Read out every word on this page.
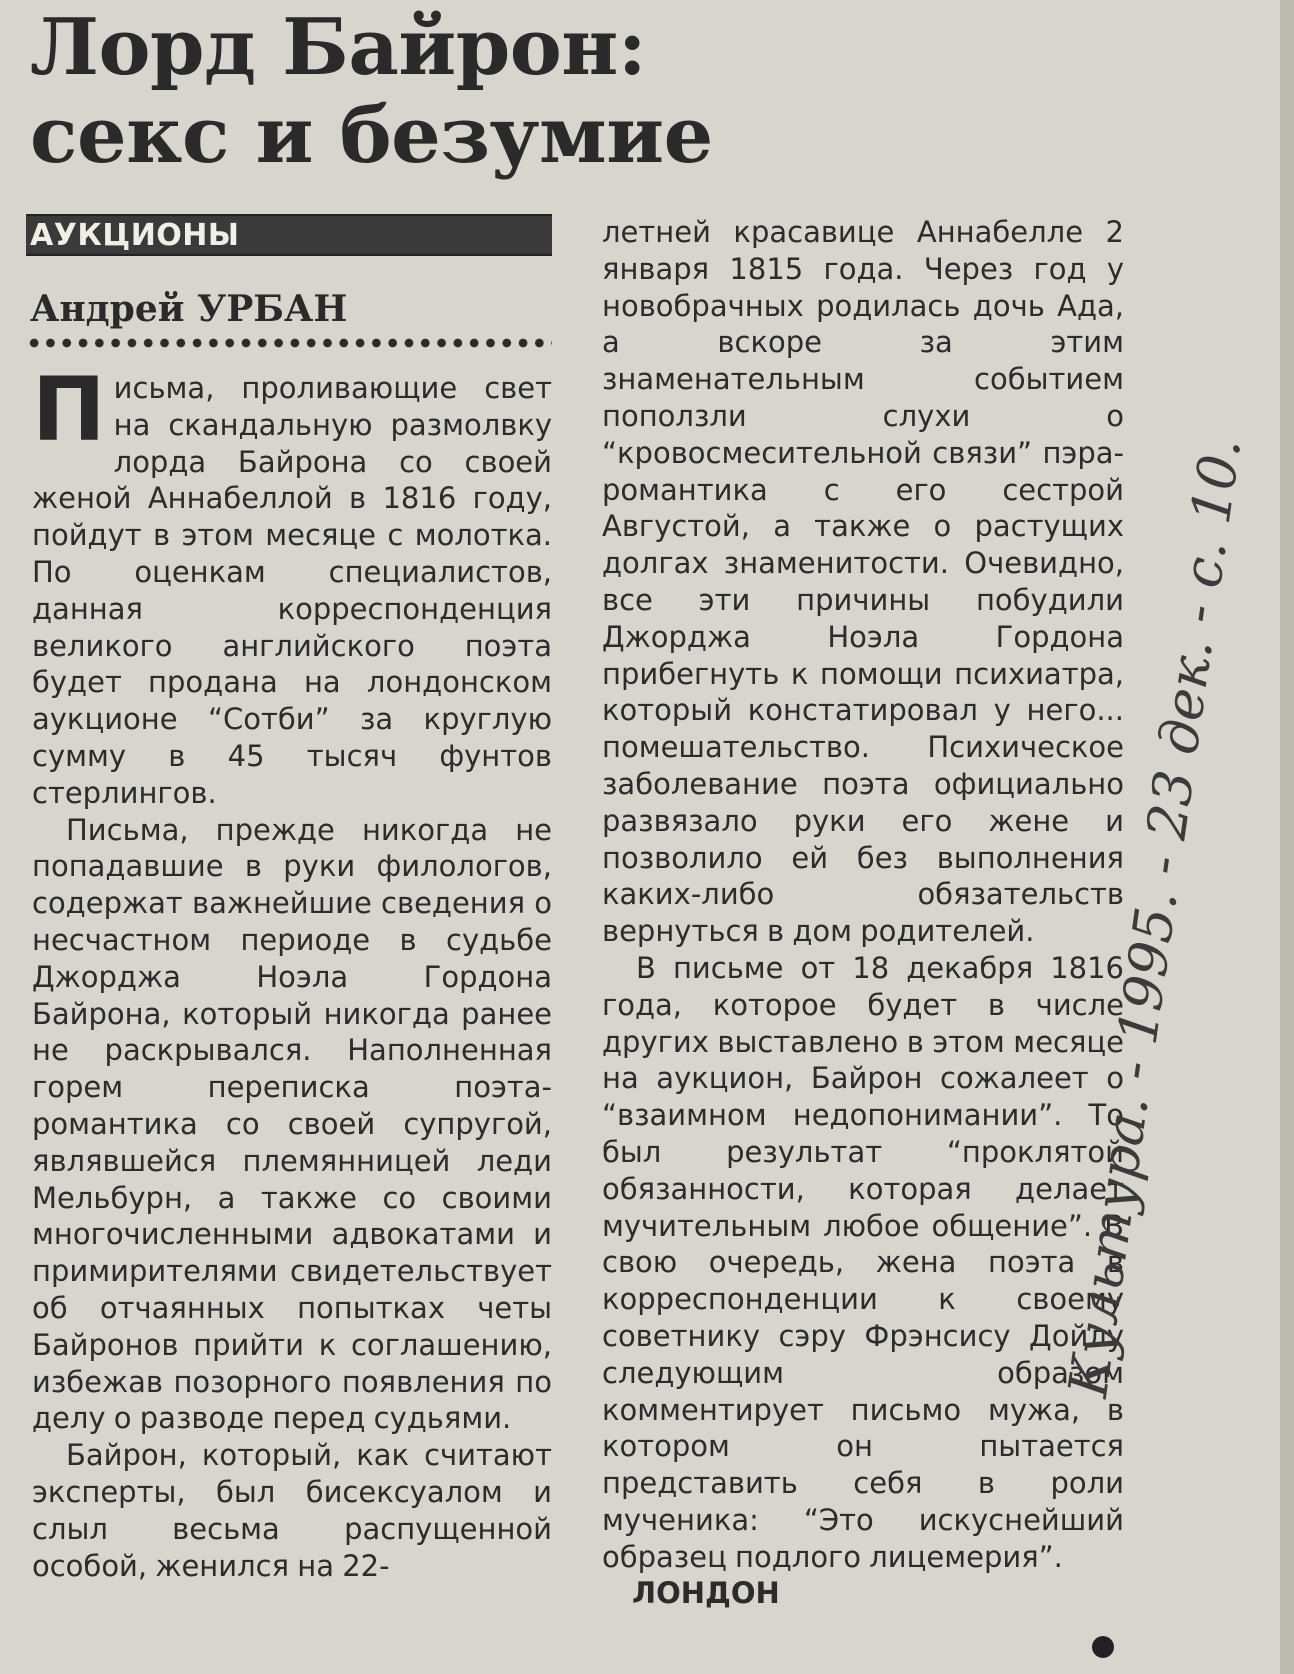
Лорд Байрон:
секс и безумие
АУКЦИОНЫ
Андрей УРБАН

Письма, проливающие свет на скандальную размолвку лорда Байрона со своей женой Аннабеллой в 1816 году, пойдут в этом месяце с молотка. По оценкам специалистов, данная корреспонденция великого английского поэта будет продана на лондонском аукционе “Сотби” за круглую сумму в 45 тысяч фунтов стерлингов.

Письма, прежде никогда не попадавшие в руки филологов, содержат важнейшие сведения о несчастном периоде в судьбе Джорджа Ноэла Гордона Байрона, который никогда ранее не раскрывался. Наполненная горем переписка поэта-романтика со своей супругой, являвшейся племянницей леди Мельбурн, а также со своими многочисленными адвокатами и примирителями свидетельствует об отчаянных попытках четы Байронов прийти к соглашению, избежав позорного появления по делу о разводе перед судьями.

Байрон, который, как считают эксперты, был бисексуалом и слыл весьма распущенной особой, женился на 22-

летней красавице Аннабелле 2 января 1815 года. Через год у новобрачных родилась дочь Ада, а вскоре за этим знаменательным событием поползли слухи о “кровосмесительной связи” пэра-романтика с его сестрой Августой, а также о растущих долгах знаменитости. Очевидно, все эти причины побудили Джорджа Ноэла Гордона прибегнуть к помощи психиатра, который констатировал у него... помешательство. Психическое заболевание поэта официально развязало руки его жене и позволило ей без выполнения каких-либо обязательств вернуться в дом родителей.

В письме от 18 декабря 1816 года, которое будет в числе других выставлено в этом месяце на аукцион, Байрон сожалеет о “взаимном недопонимании”. То был результат “проклятой обязанности, которая делает мучительным любое общение”. В свою очередь, жена поэта в корреспонденции к своему советнику сэру Фрэнсису Дойлу следующим образом комментирует письмо мужа, в котором он пытается представить себя в роли мученика: “Это искуснейший образец подлого лицемерия”.

ЛОНДОН

Культура. - 1995. - 23 дек. - с. 10.
